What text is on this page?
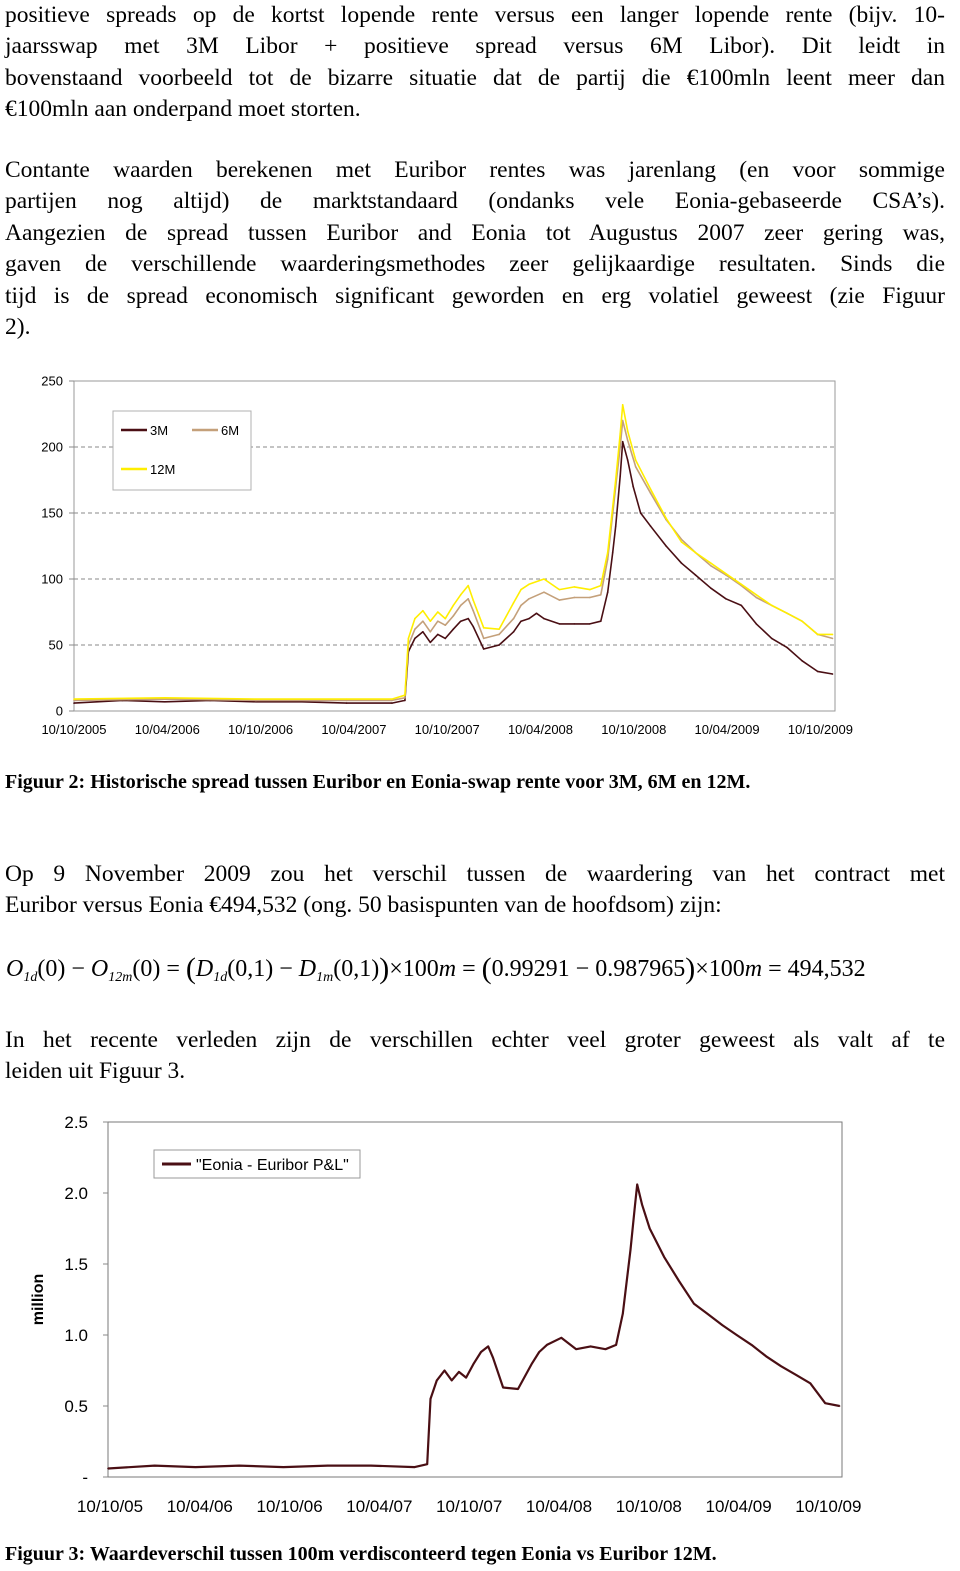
positieve spreads op de kortst lopende rente versus een langer lopende rente (bijv. 10-
jaarsswap met 3M Libor + positieve spread versus 6M Libor). Dit leidt in
bovenstaand voorbeeld tot de bizarre situatie dat de partij die €100mln leent meer dan
€100mln aan onderpand moet storten.
Contante waarden berekenen met Euribor rentes was jarenlang (en voor sommige
partijen nog altijd) de marktstandaard (ondanks vele Eonia-gebaseerde CSA’s).
Aangezien de spread tussen Euribor and Eonia tot Augustus 2007 zeer gering was,
gaven de verschillende waarderingsmethodes zeer gelijkaardige resultaten. Sinds die
tijd is de spread economisch significant geworden en erg volatiel geweest (zie Figuur
2).
0
50
100
150
200
250
10/10/2005 10/04/2006 10/10/2006 10/04/2007 10/10/2007 10/04/2008 10/10/2008 10/04/2009 10/10/2009
3M	6M
12M
Figuur 2: Historische spread tussen Euribor en Eonia-swap rente voor 3M, 6M en 12M.
Op 9 November 2009 zou het verschil tussen de waardering van het contract met
Euribor versus Eonia €494,532 (ong. 50 basispunten van de hoofdsom) zijn:
$O_{1d}(0) - O_{12m}(0) = (D_{1d}(0,1) - D_{1m}(0,1))\times 100m = (0.99291 - 0.987965)\times 100m = 494,532$
In het recente verleden zijn de verschillen echter veel groter geweest als valt af te
leiden uit Figuur 3.
-
0.5
1.0
1.5
2.0
2.5
10/10/05 10/04/06 10/10/06 10/04/07 10/10/07 10/04/08 10/10/08 10/04/09 10/10/09
million
"Eonia - Euribor P&L"
Figuur 3: Waardeverschil tussen 100m verdisconteerd tegen Eonia vs Euribor 12M.
